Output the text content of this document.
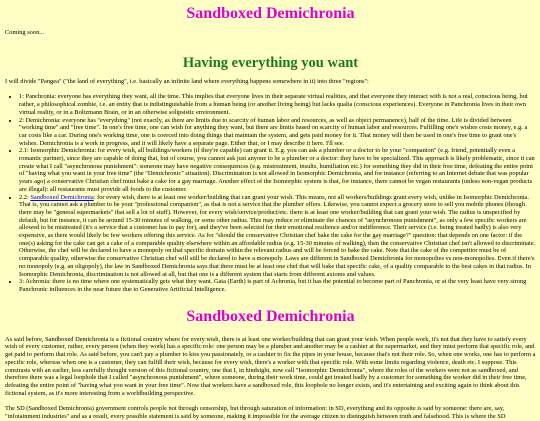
Sandboxed Demichronia
Coming soon...
Having everything you want

I will divide "Pangea" ("the land of everything", i.e. basically an infinite land where everything happens somewhere in it) into three "regions":

• 1: Panchronia: everyone has everything they want, all the time. This implies that everyone lives in their separate virtual realities, and that everyone they interact with is not a real, conscious being, but rather, a philosophical zombie, i.e. an entity that is indistinguishable from a human being (or another living being) but lacks qualia (conscious experiences). Everyone in Panchronia lives in their own virtual reality, or in a Boltzmann Brain, or in an otherwise solipsistic environment.
• 2: Demichronia: everyone has "everything" (not exactly, as there are limits due to scarcity of human labor and resources, as well as object permanence), half of the time. Life is divided between "working time" and "free time". In one's free time, one can wish for anything they want, but there are limits based on scarcity of human labor and resources. Fulfilling one's wishes costs money, e.g. a car costs like a car. During one's working time, one is coerced into doing things that maintain the system, and gets paid money for it. That money will then be used in one's free time to grant one's wishes. Demichronia is a work in progress, and it will likely have a separate page. Either that, or I may describe it here. I'll see.
• 2.1: Isomorphic Demichronia: for every wish, all buildings/workers (if they're capable) can grant it. E.g. you can ask a plumber or a doctor to be your "companion" (e.g. friend, potentially even a romantic partner), since they are capable of doing that, but of course, you cannot ask just anyone to be a plumber or a doctor: they have to be specialized. This approach is likely problematic, since it can create what I call "asynchronous punishment": someone may have negative consequences (e.g. mistreatment, insults, humiliation etc.) for something they did in their free time, defeating the entire point of "having what you want in your free time" (the "Demichronic" situation). Discrimination is not allowed in Isomorphic Demichronia, and for instance (referring to an Internet debate that was popular years ago) a conservative Christian chef must bake a cake for a gay marriage. Another effect of the Isomorphic system is that, for instance, there cannot be vegan restaurants (unless non-vegan products are illegal): all restaurants must provide all foods to the customer.
• 2.2: Sandboxed Demichronia: for every wish, there is at least one worker/building that can grant your wish. This means, not all workers/buildings grant every wish, unlike in Isomorphic Demichronia. That is, you cannot ask a plumber to be your "professional companion", as that is not a service that the plumber offers. Likewise, you cannot expect a grocery store to sell you mobile phones (though there may be "general supermarkets" that sell a lot of stuff). However, for every wish/service/product/etc. there is at least one worker/building that can grant your wish. The radius is unspecified by default, but for instance, it can be around 15-30 minutes of walking, or some other radius. This may reduce or eliminate the chances of "asynchronous punishment", as only a few specific workers are allowed to be mistreated (it's a service that a customer has to pay for), and they've been selected for their emotional resilience and/or indifference. Their service (i.e. being treated badly) is also very expensive, as there would likely be few workers offering this service. As for "should the conservative Christian chef bake the cake for the gay marriage?" question: that depends on one factor: if the one(s) asking for the cake can get a cake of a comparable quality elsewhere within an affordable radius (e.g. 15-30 minutes of walking), then the conservative Christian chef isn't allowed to discriminate. Otherwise, the chef will be declared to have a monopoly on that specific domain within the relevant radius and will be forced to bake the cake. Note that the cake of the competitor must be of comparable quality, otherwise the conservative Christian chef will still be declared to have a monopoly. Laws are different in Sandboxed Demichronia for monopolies vs non-monopolies. Even if there's no monopoly (e.g. an oligopoly), the law in Sandboxed Demichronia says that there must be at least one chef that will bake that specific cake, of a quality comparable to the best cakes in that radius. In Isomorphic Demichronia, discrimination is not allowed at all, but that one is a different system that starts from different axioms and values.
• 3: Achronia: there is no time where one systematically gets what they want. Gaia (Earth) is part of Achronia, but it has the potential to become part of Panchronia, or at the very least have very strong Panchronic influences in the near future due to Generative Artificial Intelligence.
Sandboxed Demichronia

As said before, Sandboxed Demichronia is a fictional country where for every wish, there is at least one worker/building that can grant your wish. When people work, it's not that they have to satisfy every wish of every customer, rather, every person (when they work) has a specific role: one person may be a plumber and another may be a cashier at the supermarket, and they must perform that specific role, and get paid to perform that role. As said before, you can't pay a plumber to kiss you passionately, or a cashier to fix the pipes in your house, because that's not their role. So, when one works, one has to perform a specific role, whereas when one is a customer, they can fulfill their wish, because for every wish, there's a worker with that specific role. With some limits regarding violence, death etc. I suppose. This constrasts with an earlier, less carefully thought version of this fictional country, one that I, in hindsight, now call "Isomorphic Demichronia", where the roles of the workers were not as sandboxed, and therefore there was a legal loophole that I called "asynchronous punishment", where someone, during their work time, could get treated badly by a customer for something the worker did in their free time, defeating the entire point of "having what you want in your free time". Now that workers have a sandboxed role, this loophole no longer exists, and it's entertaining and exciting again to think about this fictional system, as it's more interesting from a worldbuilding perspective.

The SD (Sandboxed Demichronia) government controls people not through censorship, but through saturation of information: in SD, everything and its opposite is said by someone: there are, say, "infotainment industries" and as a result, every possible statement is said by someone, making it impossible for the average citizen to distinguish between truth and falsehood. This is where the SD
